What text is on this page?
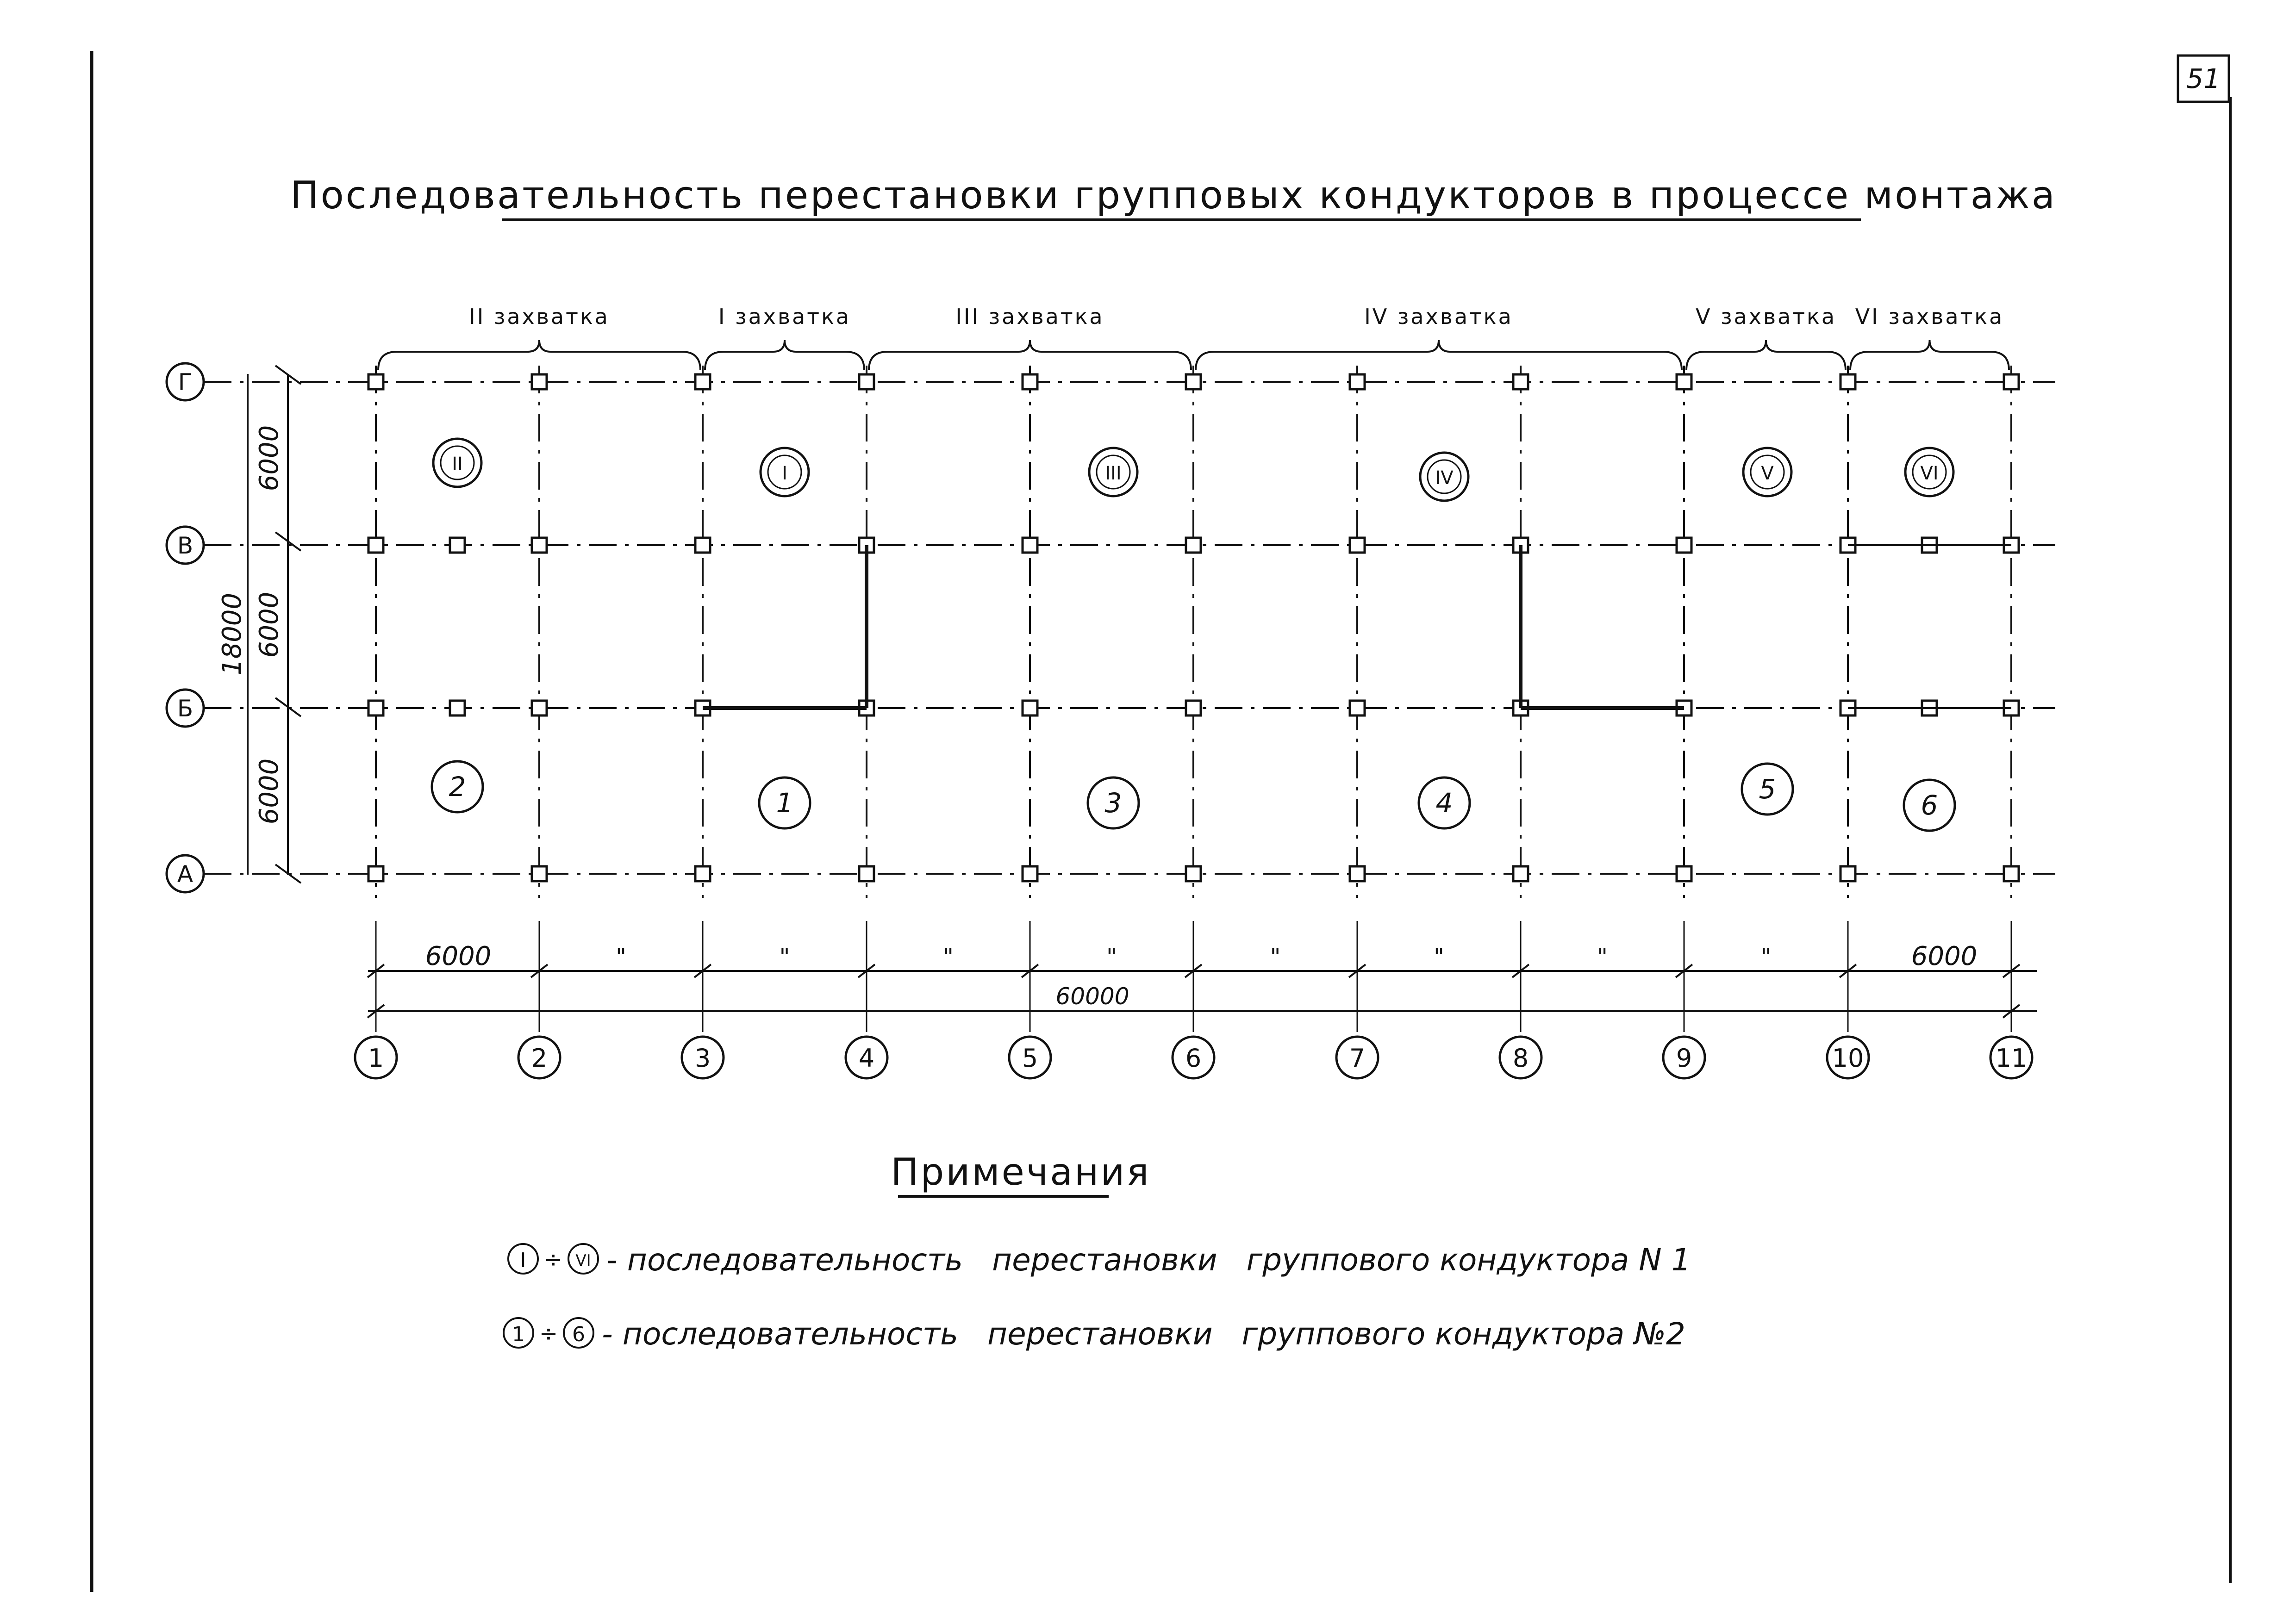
51
Последовательность перестановки групповых кондукторов в процессе монтажа
II захватка
II
2
I захватка
I
1
III захватка
III
3
IV захватка
IV
4
V захватка
V
5
VI захватка
VI
6
1	2	3	4	5	6	7	8	9	10	11
Г
В
Б
А
6000
6000
6000
18000
6000	6000
60000
"	"	"	"	"	"	"	"
Примечания
I ÷ VI - последовательность   перестановки   группового кондуктора N 1
1 ÷ 6 - последовательность   перестановки   группового кондуктора №2
